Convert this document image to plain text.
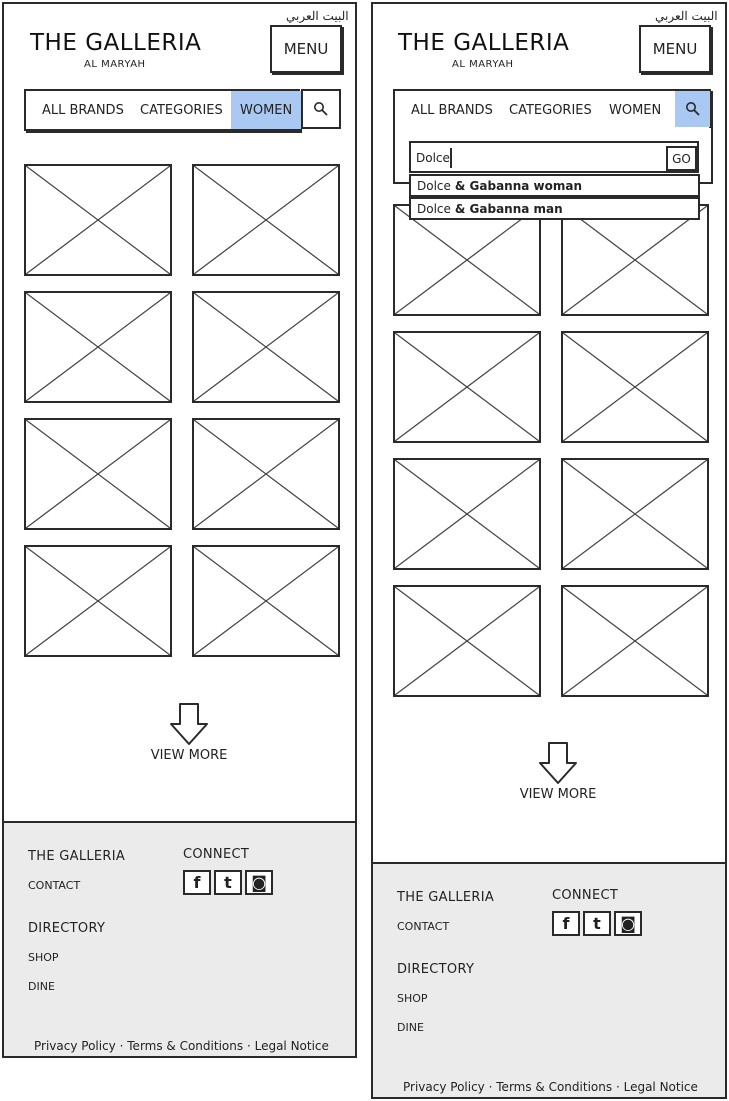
البيت العربي
THE GALLERIA
AL MARYAH
MENU
ALL BRANDS CATEGORIES	WOMEN
VIEW MORE
THE GALLERIA
CONTACT
CONNECT
f	t	◙
DIRECTORY
SHOP
DINE
Privacy Policy · Terms & Conditions · Legal Notice
البيت العربي
THE GALLERIA
AL MARYAH
MENU
ALL BRANDS CATEGORIES WOMEN
Dolce	GO
Dolce & Gabanna woman
Dolce & Gabanna man
VIEW MORE
THE GALLERIA
CONTACT
CONNECT
f	t	◙
DIRECTORY
SHOP
DINE
Privacy Policy · Terms & Conditions · Legal Notice
